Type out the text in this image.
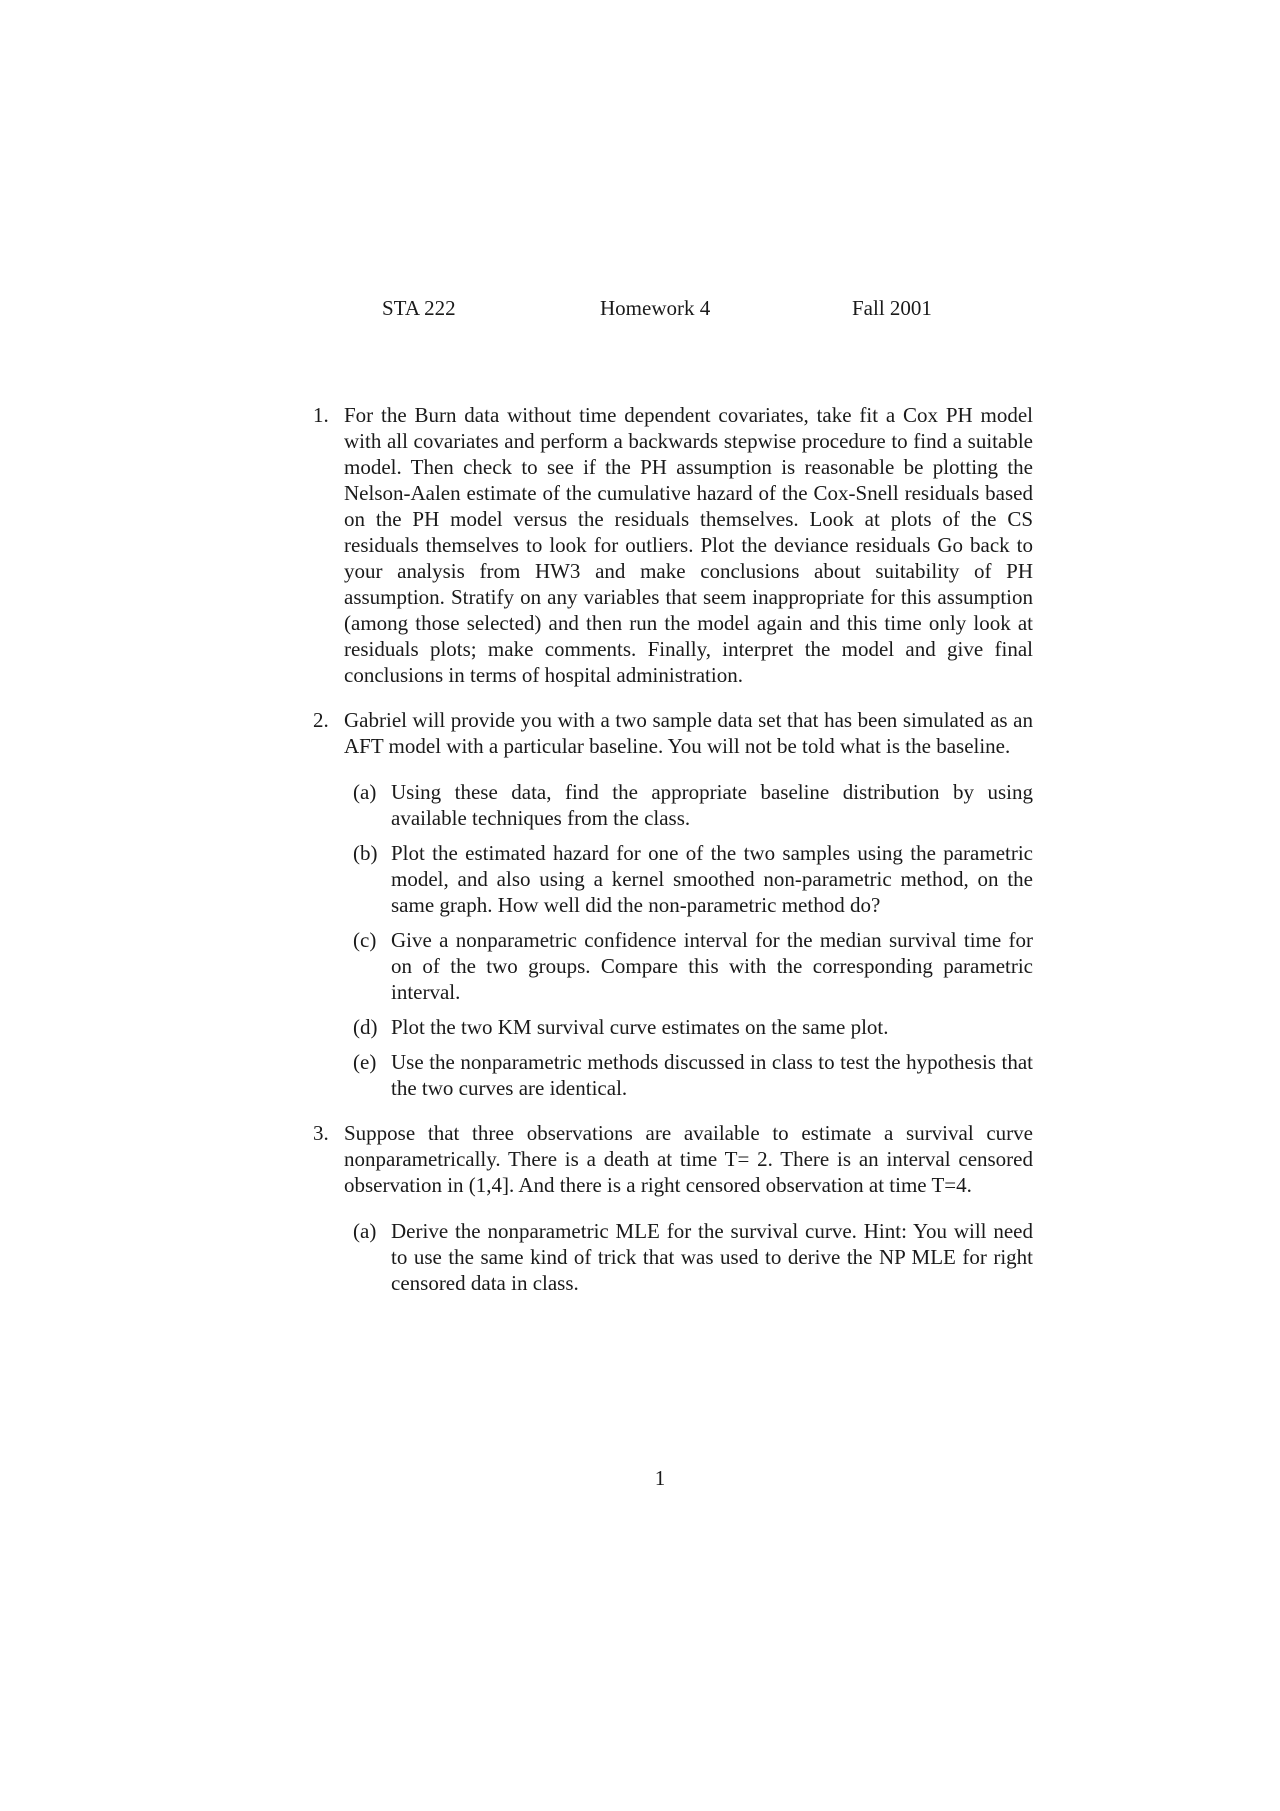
STA 222	Homework 4	Fall 2001
1. For the Burn data without time dependent covariates, take fit a Cox PH model with all covariates and perform a backwards stepwise procedure to find a suitable model. Then check to see if the PH assumption is reasonable be plotting the Nelson-Aalen estimate of the cumulative hazard of the Cox-Snell residuals based on the PH model versus the residuals themselves. Look at plots of the CS residuals themselves to look for outliers. Plot the deviance residuals Go back to your analysis from HW3 and make conclusions about suitability of PH assumption. Stratify on any variables that seem inappropriate for this assumption (among those selected) and then run the model again and this time only look at residuals plots; make comments. Finally, interpret the model and give final conclusions in terms of hospital administration.
2. Gabriel will provide you with a two sample data set that has been simulated as an AFT model with a particular baseline. You will not be told what is the baseline.
(a) Using these data, find the appropriate baseline distribution by using available techniques from the class.
(b) Plot the estimated hazard for one of the two samples using the parametric model, and also using a kernel smoothed non-parametric method, on the same graph. How well did the non-parametric method do?
(c) Give a nonparametric confidence interval for the median survival time for on of the two groups. Compare this with the corresponding parametric interval.
(d) Plot the two KM survival curve estimates on the same plot.
(e) Use the nonparametric methods discussed in class to test the hypothesis that the two curves are identical.
3. Suppose that three observations are available to estimate a survival curve nonparametrically. There is a death at time T= 2. There is an interval censored observation in (1,4]. And there is a right censored observation at time T=4.
(a) Derive the nonparametric MLE for the survival curve. Hint: You will need to use the same kind of trick that was used to derive the NP MLE for right censored data in class.
1
